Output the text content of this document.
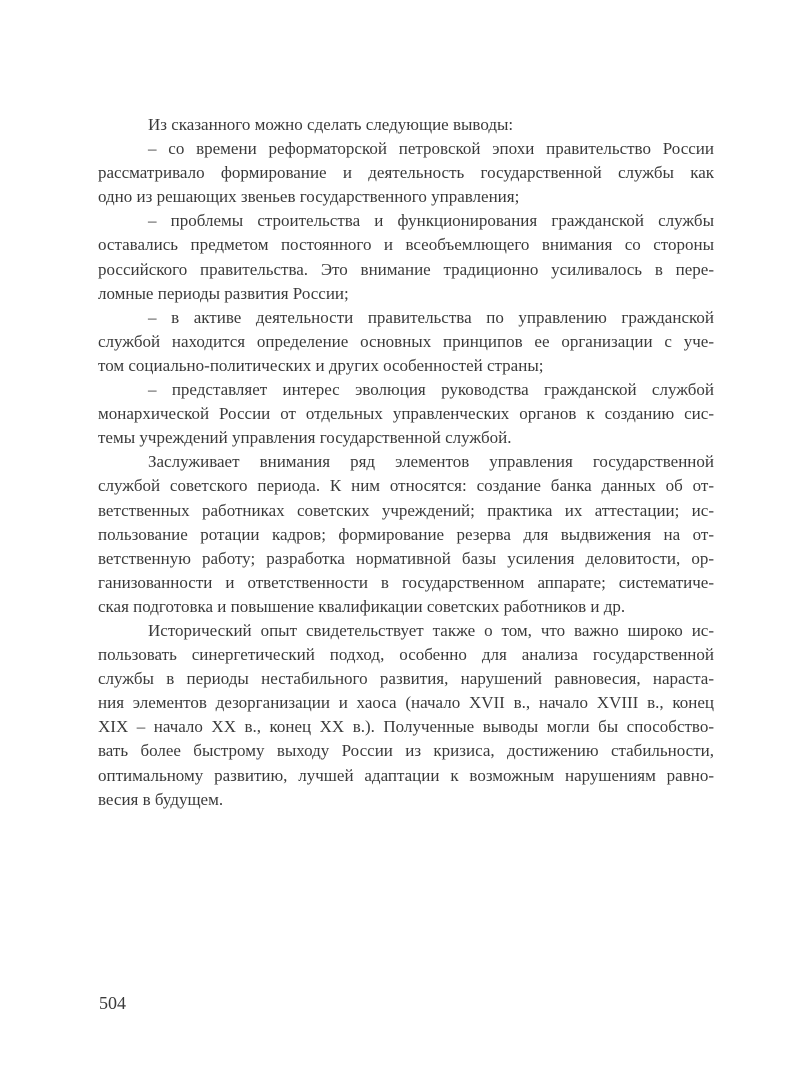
Из сказанного можно сделать следующие выводы:
– со времени реформаторской петровской эпохи правительство России
рассматривало формирование и деятельность государственной службы как
одно из решающих звеньев государственного управления;
– проблемы строительства и функционирования гражданской службы
оставались предметом постоянного и всеобъемлющего внимания со стороны
российского правительства. Это внимание традиционно усиливалось в пере-
ломные периоды развития России;
– в активе деятельности правительства по управлению гражданской
службой находится определение основных принципов ее организации с уче-
том социально-политических и других особенностей страны;
– представляет интерес эволюция руководства гражданской службой
монархической России от отдельных управленческих органов к созданию сис-
темы учреждений управления государственной службой.
Заслуживает внимания ряд элементов управления государственной
службой советского периода. К ним относятся: создание банка данных об от-
ветственных работниках советских учреждений; практика их аттестации; ис-
пользование ротации кадров; формирование резерва для выдвижения на от-
ветственную работу; разработка нормативной базы усиления деловитости, ор-
ганизованности и ответственности в государственном аппарате; систематиче-
ская подготовка и повышение квалификации советских работников и др.
Исторический опыт свидетельствует также о том, что важно широко ис-
пользовать синергетический подход, особенно для анализа государственной
службы в периоды нестабильного развития, нарушений равновесия, нараста-
ния элементов дезорганизации и хаоса (начало XVII в., начало XVIII в., конец
XIX – начало XX в., конец XX в.). Полученные выводы могли бы способство-
вать более быстрому выходу России из кризиса, достижению стабильности,
оптимальному развитию, лучшей адаптации к возможным нарушениям равно-
весия в будущем.
504
